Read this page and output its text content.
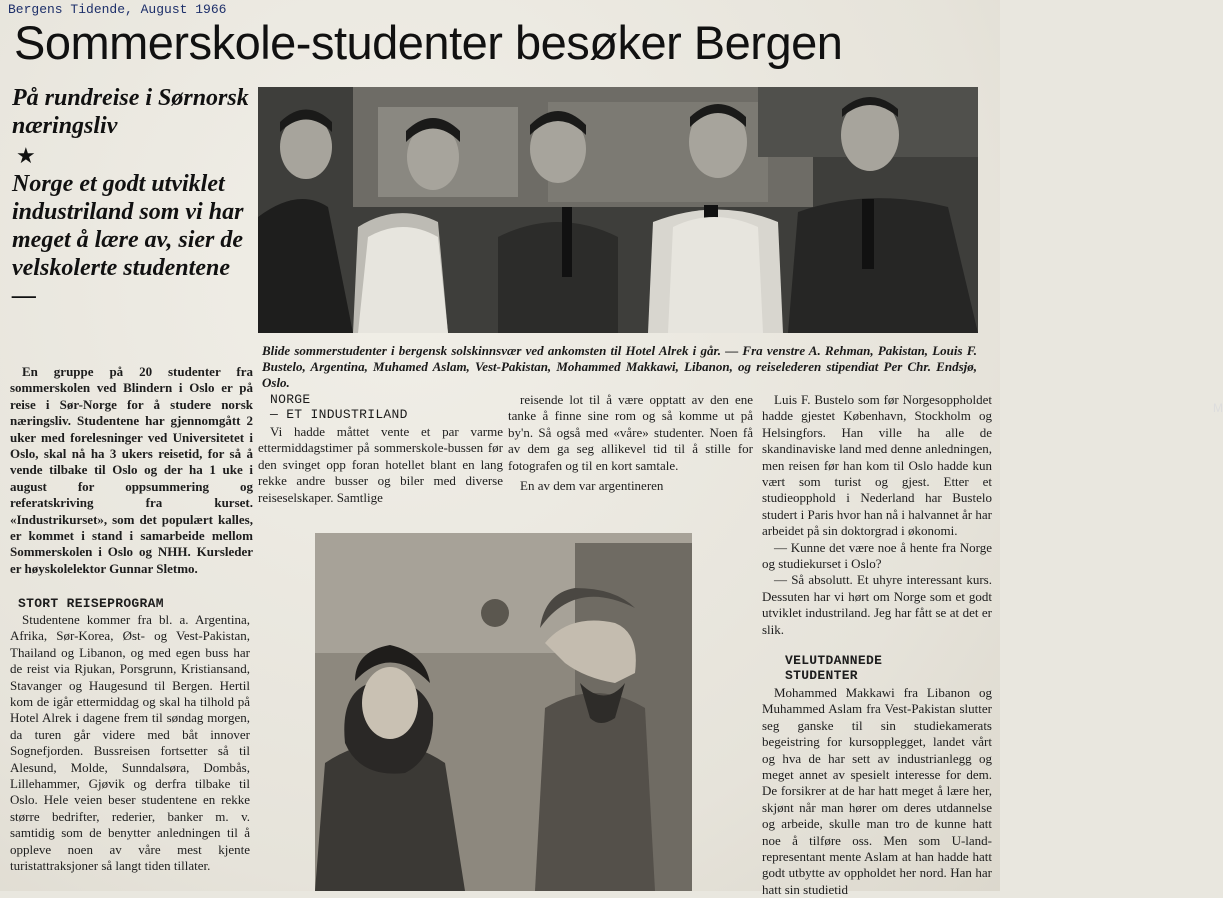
Bergens Tidende, August 1966
Sommerskole-studenter besøker Bergen
På rundreise i Sørnorsk næringsliv
★
Norge et godt utviklet industriland som vi har meget å lære av, sier de velskolerte studentene —

En gruppe på 20 studenter fra sommerskolen ved Blindern i Oslo er på reise i Sør-Norge for å studere norsk næringsliv. Studentene har gjennomgått 2 uker med forelesninger ved Universitetet i Oslo, skal nå ha 3 ukers reisetid, for så å vende tilbake til Oslo og der ha 1 uke i august for oppsummering og referatskriving fra kurset. «Industrikurset», som det populært kalles, er kommet i stand i samarbeide mellom Sommerskolen i Oslo og NHH. Kursleder er høyskolelektor Gunnar Sletmo.

STORT REISEPROGRAM

Studentene kommer fra bl. a. Argentina, Afrika, Sør-Korea, Øst- og Vest-Pakistan, Thailand og Libanon, og med egen buss har de reist via Rjukan, Porsgrunn, Kristiansand, Stavanger og Haugesund til Bergen. Hertil kom de igår ettermiddag og skal ha tilhold på Hotel Alrek i dagene frem til søndag morgen, da turen går videre med båt innover Sognefjorden. Bussreisen fortsetter så til Alesund, Molde, Sunndalsøra, Dombås, Lillehammer, Gjøvik og derfra tilbake til Oslo. Hele veien beser studentene en rekke større bedrifter, rederier, banker m. v. samtidig som de benytter anledningen til å oppleve noen av våre mest kjente turistattraksjoner så langt tiden tillater.

M
Blide sommerstudenter i bergensk solskinnsvær ved ankomsten til Hotel Alrek i går. — Fra venstre A. Rehman, Pakistan, Louis F. Bustelo, Argentina, Muhamed Aslam, Vest-Pakistan, Mohammed Makkawi, Libanon, og reiselederen stipendiat Per Chr. Endsjø, Oslo.
NORGE
— ET INDUSTRILAND

Vi hadde måttet vente et par varme ettermiddagstimer på sommerskole-bussen før den svinget opp foran hotellet blant en lang rekke andre busser og biler med diverse reiseselskaper. Samtlige

reisende lot til å være opptatt av den ene tanke å finne sine rom og så komme ut på by'n. Så også med «våre» studenter. Noen få av dem ga seg allikevel tid til å stille for fotografen og til en kort samtale.

En av dem var argentineren

Luis F. Bustelo som før Norgesoppholdet hadde gjestet København, Stockholm og Helsingfors. Han ville ha alle de skandinaviske land med denne anledningen, men reisen før han kom til Oslo hadde kun vært som turist og gjest. Etter et studieopphold i Nederland har Bustelo studert i Paris hvor han nå i halvannet år har arbeidet på sin doktorgrad i økonomi.

— Kunne det være noe å hente fra Norge og studiekurset i Oslo?

— Så absolutt. Et uhyre interessant kurs. Dessuten har vi hørt om Norge som et godt utviklet industriland. Jeg har fått se at det er slik.

VELUTDANNEDE
STUDENTER

Mohammed Makkawi fra Libanon og Muhammed Aslam fra Vest-Pakistan slutter seg ganske til sin studiekamerats begeistring for kursopplegget, landet vårt og hva de har sett av industrianlegg og meget annet av spesielt interesse for dem. De forsikrer at de har hatt meget å lære her, skjønt når man hører om deres utdannelse og arbeide, skulle man tro de kunne hatt noe å tilføre oss. Men som U-land-representant mente Aslam at han hadde hatt godt utbytte av oppholdet her nord. Han har hatt sin studietid
